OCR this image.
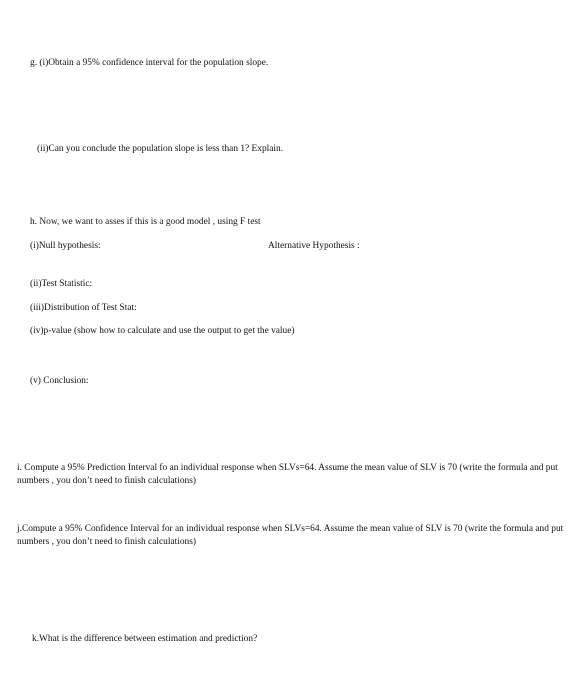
g. (i)Obtain a 95% confidence interval for the population slope.
(ii)Can you conclude the population slope is less than 1? Explain.
h. Now, we want to asses if this is a good model , using F test
(i)Null hypothesis:	Alternative Hypothesis :
(ii)Test Statistic:
(iii)Distribution of Test Stat:
(iv)p-value (show how to calculate and use the output to get the value)
(v) Conclusion:
i. Compute a 95% Prediction Interval fo an individual response when SLVs=64. Assume the mean value of SLV is 70 (write the formula and put numbers , you don’t need to finish calculations)
j.Compute a 95% Confidence Interval for an individual response when SLVs=64. Assume the mean value of SLV is 70 (write the formula and put numbers , you don’t need to finish calculations)
k.What is the difference between estimation and prediction?
